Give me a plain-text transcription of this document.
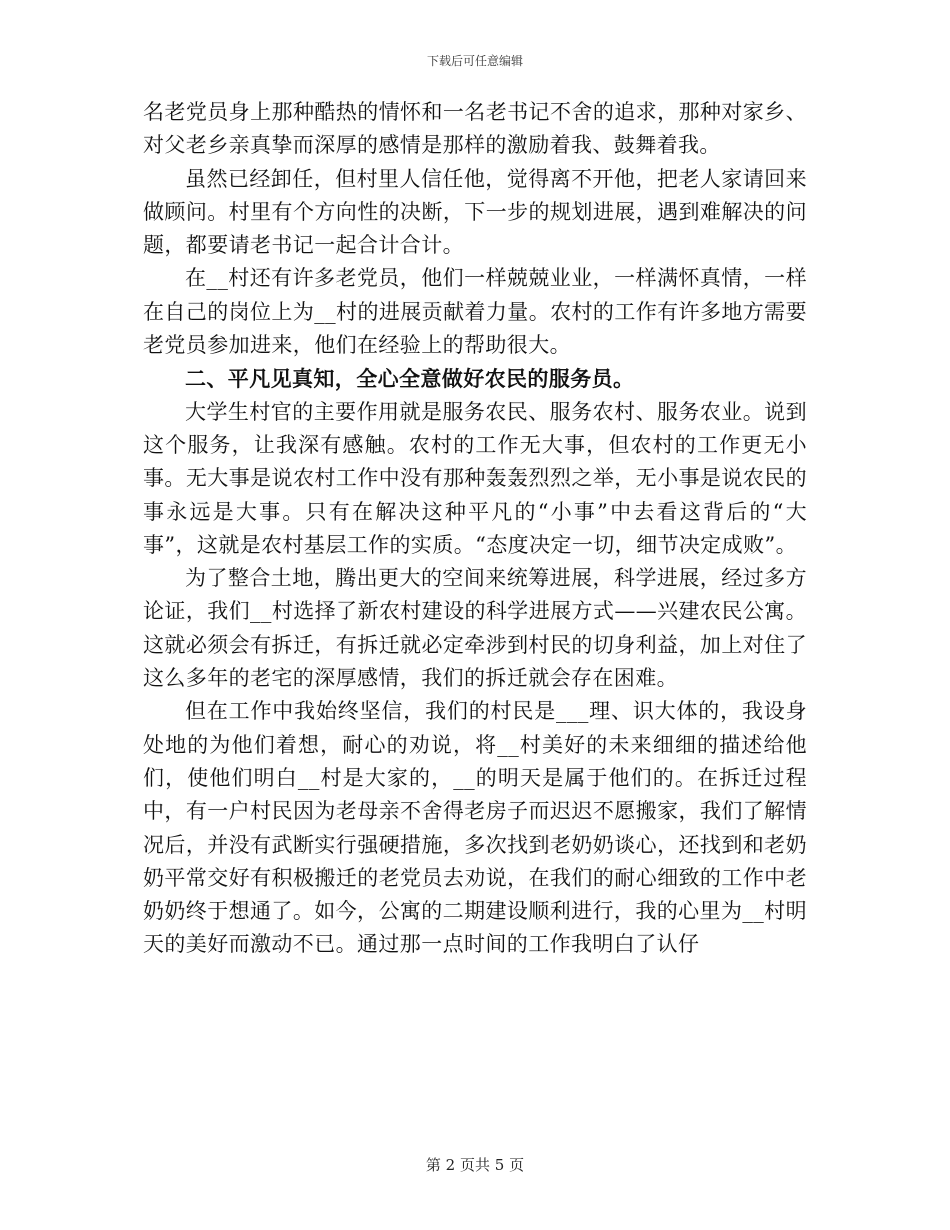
下载后可任意编辑

名老党员身上那种酷热的情怀和一名老书记不舍的追求，那种对家乡、对父老乡亲真挚而深厚的感情是那样的激励着我、鼓舞着我。

虽然已经卸任，但村里人信任他，觉得离不开他，把老人家请回来做顾问。村里有个方向性的决断，下一步的规划进展，遇到难解决的问题，都要请老书记一起合计合计。

在__村还有许多老党员，他们一样兢兢业业，一样满怀真情，一样在自己的岗位上为__村的进展贡献着力量。农村的工作有许多地方需要老党员参加进来，他们在经验上的帮助很大。

二、平凡见真知，全心全意做好农民的服务员。

大学生村官的主要作用就是服务农民、服务农村、服务农业。说到这个服务，让我深有感触。农村的工作无大事，但农村的工作更无小事。无大事是说农村工作中没有那种轰轰烈烈之举，无小事是说农民的事永远是大事。只有在解决这种平凡的“小事”中去看这背后的“大事”，这就是农村基层工作的实质。“态度决定一切，细节决定成败”。

为了整合土地，腾出更大的空间来统筹进展，科学进展，经过多方论证，我们__村选择了新农村建设的科学进展方式——兴建农民公寓。这就必须会有拆迁，有拆迁就必定牵涉到村民的切身利益，加上对住了这么多年的老宅的深厚感情，我们的拆迁就会存在困难。

但在工作中我始终坚信，我们的村民是___理、识大体的，我设身处地的为他们着想，耐心的劝说，将__村美好的未来细细的描述给他们，使他们明白__村是大家的，__的明天是属于他们的。在拆迁过程中，有一户村民因为老母亲不舍得老房子而迟迟不愿搬家，我们了解情况后，并没有武断实行强硬措施，多次找到老奶奶谈心，还找到和老奶奶平常交好有积极搬迁的老党员去劝说，在我们的耐心细致的工作中老奶奶终于想通了。如今，公寓的二期建设顺利进行，我的心里为__村明天的美好而激动不已。通过那一点时间的工作我明白了认仔

第 2 页共 5 页
